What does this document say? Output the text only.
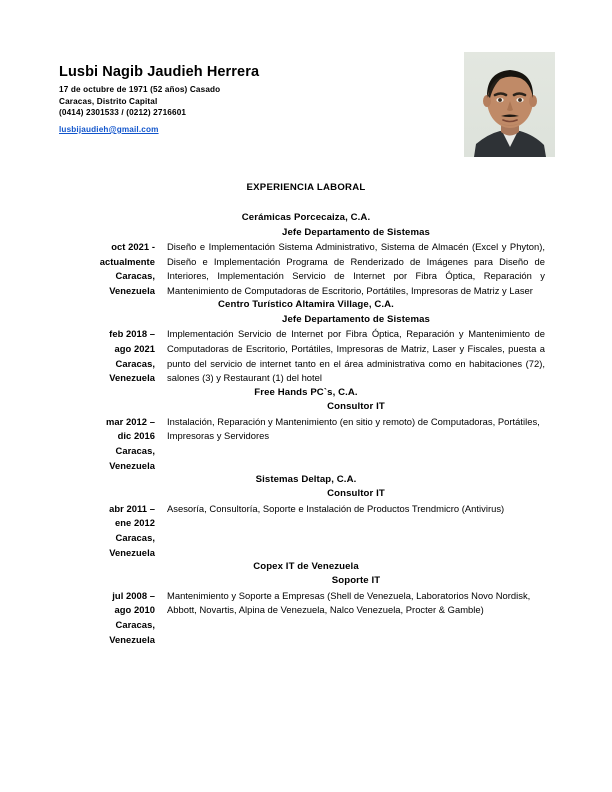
Lusbi Nagib Jaudieh Herrera
17 de octubre de 1971 (52 años) Casado
Caracas, Distrito Capital
(0414) 2301533 / (0212) 2716601
lusbijaudieh@gmail.com
EXPERIENCIA LABORAL
Cerámicas Porcecaiza, C.A.
Jefe Departamento de Sistemas
oct 2021 -
actualmente
Caracas,
Venezuela
Diseño e Implementación Sistema Administrativo, Sistema de Almacén (Excel y Phyton), Diseño e Implementación Programa de Renderizado de Imágenes para Diseño de Interiores, Implementación Servicio de Internet por Fibra Óptica, Reparación y Mantenimiento de Computadoras de Escritorio, Portátiles, Impresoras de Matriz y Laser
Centro Turístico Altamira Village, C.A.
Jefe Departamento de Sistemas
feb 2018 –
ago 2021
Caracas,
Venezuela
Implementación Servicio de Internet por Fibra Óptica, Reparación y Mantenimiento de Computadoras de Escritorio, Portátiles, Impresoras de Matriz, Laser y Fiscales, puesta a punto del servicio de internet tanto en el área administrativa como en habitaciones (72), salones (3) y Restaurant (1) del hotel
Free Hands PC`s, C.A.
Consultor IT
mar 2012 –
dic 2016
Caracas,
Venezuela
Instalación, Reparación y Mantenimiento (en sitio y remoto) de Computadoras, Portátiles, Impresoras y Servidores
Sistemas Deltap, C.A.
Consultor IT
abr 2011 –
ene 2012
Caracas,
Venezuela
Asesoría, Consultoría, Soporte e Instalación de Productos Trendmicro (Antivirus)
Copex IT de Venezuela
Soporte IT
jul 2008 –
ago 2010
Caracas,
Venezuela
Mantenimiento y Soporte a Empresas (Shell de Venezuela, Laboratorios Novo Nordisk, Abbott, Novartis, Alpina de Venezuela, Nalco Venezuela, Procter & Gamble)
